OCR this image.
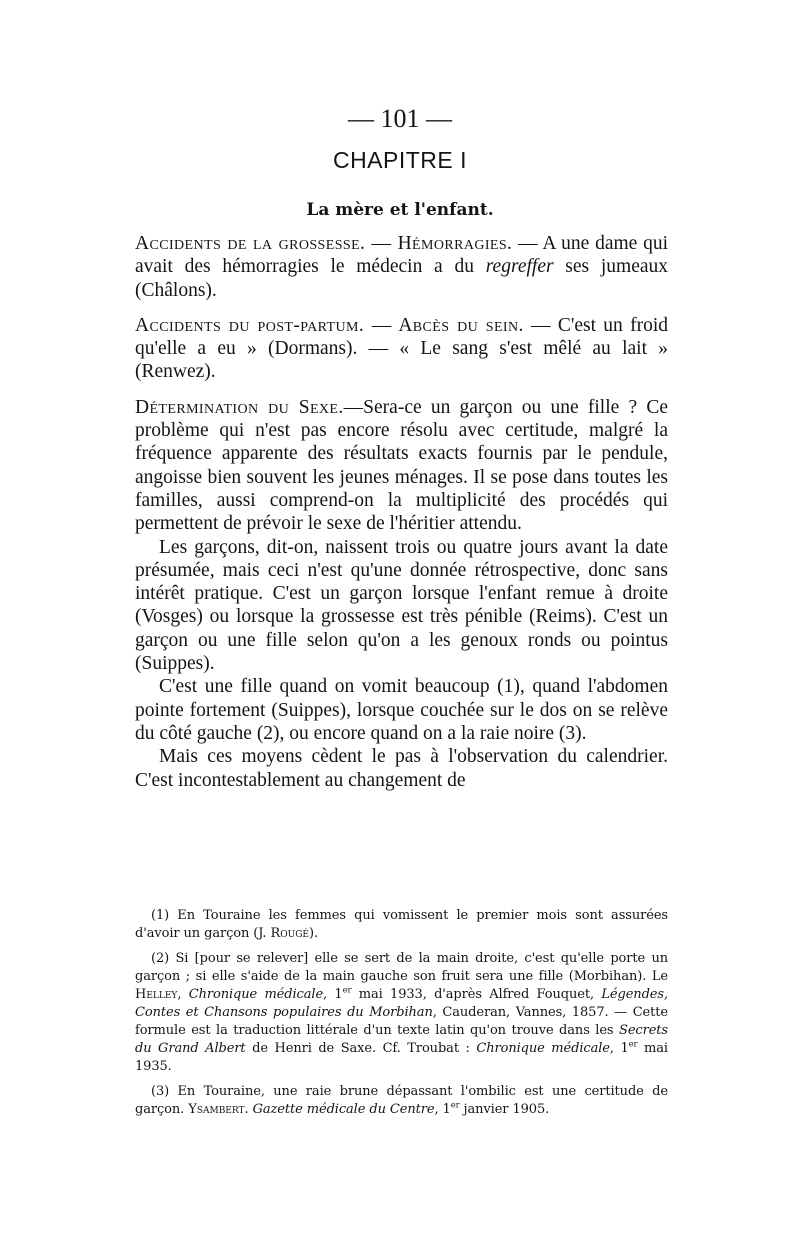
— 101 —
CHAPITRE I
La mère et l'enfant.

Accidents de la grossesse. — Hémorragies. — A une dame qui avait des hémorragies le médecin a du regreffer ses jumeaux (Châlons).

Accidents du post-partum. — Abcès du sein. — C'est un froid qu'elle a eu » (Dormans). — « Le sang s'est mêlé au lait » (Renwez).

Détermination du Sexe.—Sera-ce un garçon ou une fille ? Ce problème qui n'est pas encore résolu avec certitude, malgré la fréquence apparente des résultats exacts fournis par le pendule, angoisse bien souvent les jeunes ménages. Il se pose dans toutes les familles, aussi comprend-on la multiplicité des procédés qui permettent de prévoir le sexe de l'héritier attendu.

Les garçons, dit-on, naissent trois ou quatre jours avant la date présumée, mais ceci n'est qu'une donnée rétrospective, donc sans intérêt pratique. C'est un garçon lorsque l'enfant remue à droite (Vosges) ou lorsque la grossesse est très pénible (Reims). C'est un garçon ou une fille selon qu'on a les genoux ronds ou pointus (Suippes).

C'est une fille quand on vomit beaucoup (1), quand l'abdomen pointe fortement (Suippes), lorsque couchée sur le dos on se relève du côté gauche (2), ou encore quand on a la raie noire (3).

Mais ces moyens cèdent le pas à l'observation du calendrier. C'est incontestablement au changement de

(1) En Touraine les femmes qui vomissent le premier mois sont assurées d'avoir un garçon (J. Rougé).

(2) Si [pour se relever] elle se sert de la main droite, c'est qu'elle porte un garçon ; si elle s'aide de la main gauche son fruit sera une fille (Morbihan). Le Helley, Chronique médicale, 1er mai 1933, d'après Alfred Fouquet, Légendes, Contes et Chansons populaires du Morbihan, Cauderan, Vannes, 1857. — Cette formule est la traduction littérale d'un texte latin qu'on trouve dans les Secrets du Grand Albert de Henri de Saxe. Cf. Troubat : Chronique médicale, 1er mai 1935.

(3) En Touraine, une raie brune dépassant l'ombilic est une certitude de garçon. Ysambert. Gazette médicale du Centre, 1er janvier 1905.
